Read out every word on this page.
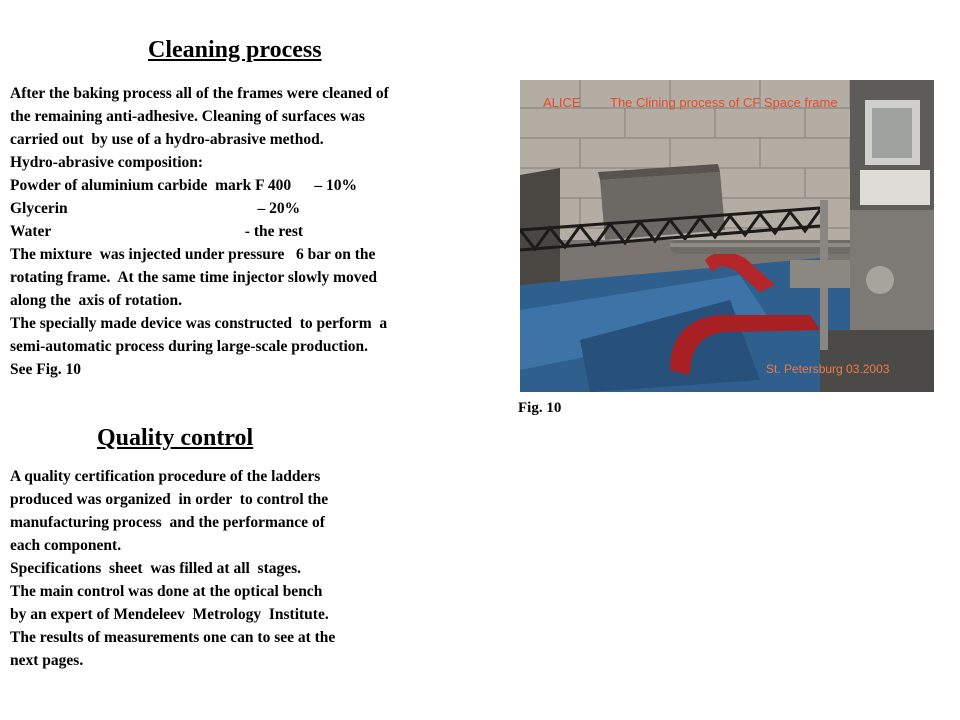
Cleaning process
After the baking process all of the frames were cleaned of
the remaining anti-adhesive. Cleaning of surfaces was
carried out  by use of a hydro-abrasive method.
Hydro-abrasive composition:
Powder of aluminium carbide  mark F 400      – 10%
Glycerin                                                 – 20%
Water                                                  - the rest
The mixture  was injected under pressure   6 bar on the
rotating frame.  At the same time injector slowly moved
along the  axis of rotation.
The specially made device was constructed  to perform  a
semi-automatic process during large-scale production.
See Fig. 10
Quality control
A quality certification procedure of the ladders
produced was organized  in order  to control the
manufacturing process  and the performance of
each component.
Specifications  sheet  was filled at all  stages.
The main control was done at the optical bench
by an expert of Mendeleev  Metrology  Institute.
The results of measurements one can to see at the
next pages.
ALICE The Clining process of CF Space frame
St. Petersburg 03.2003
Fig. 10
